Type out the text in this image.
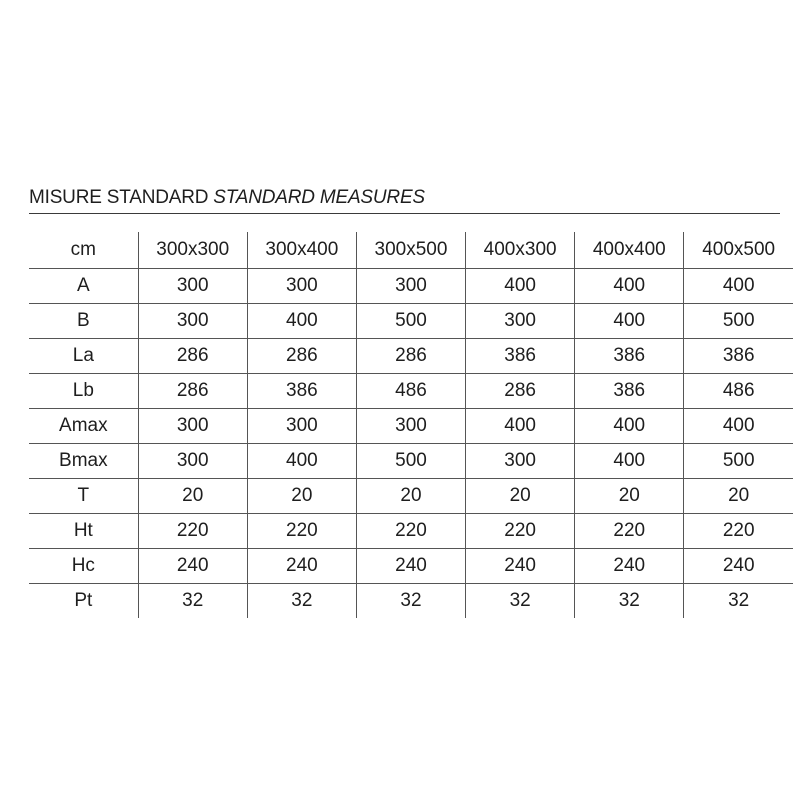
MISURE STANDARD STANDARD MEASURES
cm	300x300	300x400	300x500	400x300	400x400	400x500
A	300	300	300	400	400	400
B	300	400	500	300	400	500
La	286	286	286	386	386	386
Lb	286	386	486	286	386	486
Amax	300	300	300	400	400	400
Bmax	300	400	500	300	400	500
T	20	20	20	20	20	20
Ht	220	220	220	220	220	220
Hc	240	240	240	240	240	240
Pt	32	32	32	32	32	32
